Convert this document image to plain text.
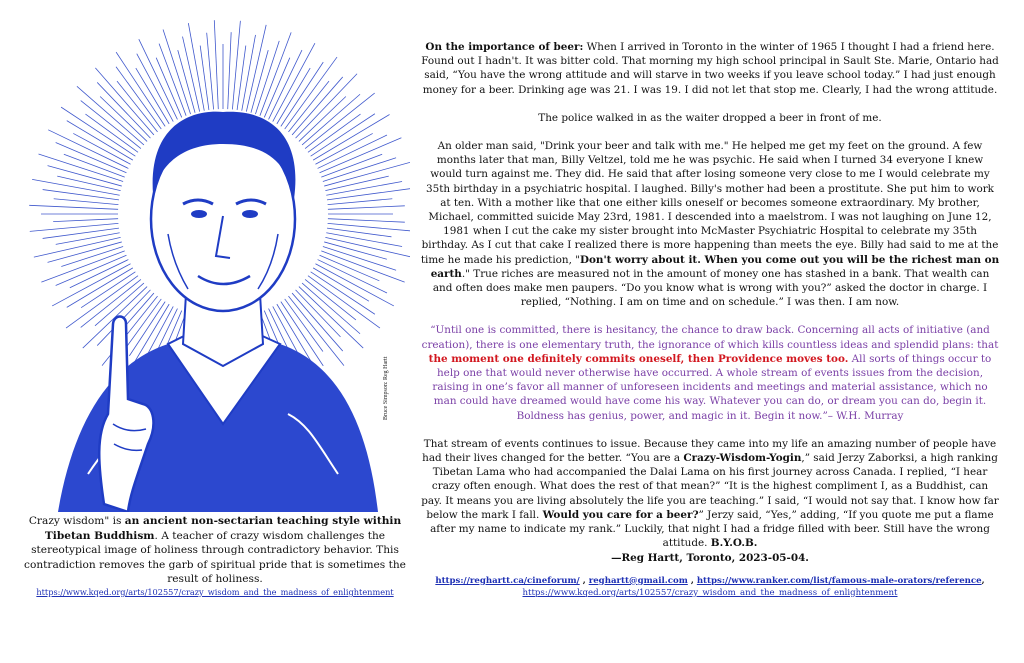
Bruce Simpson: Reg Hartt
Crazy wisdom" is an ancient non-sectarian teaching style within Tibetan Buddhism. A teacher of crazy wisdom challenges the stereotypical image of holiness through contradictory behavior. This contradiction removes the garb of spiritual pride that is sometimes the result of holiness.
https://www.kqed.org/arts/102557/crazy_wisdom_and_the_madness_of_enlightenment

On the importance of beer: When I arrived in Toronto in the winter of 1965 I thought I had a friend here. Found out I hadn't. It was bitter cold. That morning my high school principal in Sault Ste. Marie, Ontario had said, “You have the wrong attitude and will starve in two weeks if you leave school today.” I had just enough money for a beer. Drinking age was 21. I was 19. I did not let that stop me. Clearly, I had the wrong attitude.

The police walked in as the waiter dropped a beer in front of me.

An older man said, "Drink your beer and talk with me." He helped me get my feet on the ground. A few months later that man, Billy Veltzel, told me he was psychic. He said when I turned 34 everyone I knew would turn against me. They did. He said that after losing someone very close to me I would celebrate my 35th birthday in a psychiatric hospital. I laughed. Billy's mother had been a prostitute. She put him to work at ten. With a mother like that one either kills oneself or becomes someone extraordinary. My brother, Michael, committed suicide May 23rd, 1981. I descended into a maelstrom. I was not laughing on June 12, 1981 when I cut the cake my sister brought into McMaster Psychiatric Hospital to celebrate my 35th birthday. As I cut that cake I realized there is more happening than meets the eye. Billy had said to me at the time he made his prediction, "Don't worry about it. When you come out you will be the richest man on earth." True riches are measured not in the amount of money one has stashed in a bank. That wealth can and often does make men paupers. “Do you know what is wrong with you?” asked the doctor in charge. I replied, “Nothing. I am on time and on schedule.” I was then. I am now.

“Until one is committed, there is hesitancy, the chance to draw back. Concerning all acts of initiative (and creation), there is one elementary truth, the ignorance of which kills countless ideas and splendid plans: that the moment one definitely commits oneself, then Providence moves too. All sorts of things occur to help one that would never otherwise have occurred. A whole stream of events issues from the decision, raising in one’s favor all manner of unforeseen incidents and meetings and material assistance, which no man could have dreamed would have come his way. Whatever you can do, or dream you can do, begin it. Boldness has genius, power, and magic in it. Begin it now.”– W.H. Murray

That stream of events continues to issue. Because they came into my life an amazing number of people have had their lives changed for the better. “You are a Crazy-Wisdom-Yogin,” said Jerzy Zaborksi, a high ranking Tibetan Lama who had accompanied the Dalai Lama on his first journey across Canada. I replied, “I hear crazy often enough. What does the rest of that mean?” “It is the highest compliment I, as a Buddhist, can pay. It means you are living absolutely the life you are teaching.” I said, “I would not say that. I know how far below the mark I fall. Would you care for a beer?” Jerzy said, “Yes,” adding, “If you quote me put a flame after my name to indicate my rank.” Luckily, that night I had a fridge filled with beer. Still have the wrong attitude. B.Y.O.B.
—Reg Hartt, Toronto, 2023-05-04.

https://reghartt.ca/cineforum/ , reghartt@gmail.com , https://www.ranker.com/list/famous-male-orators/reference,
https://www.kqed.org/arts/102557/crazy_wisdom_and_the_madness_of_enlightenment
